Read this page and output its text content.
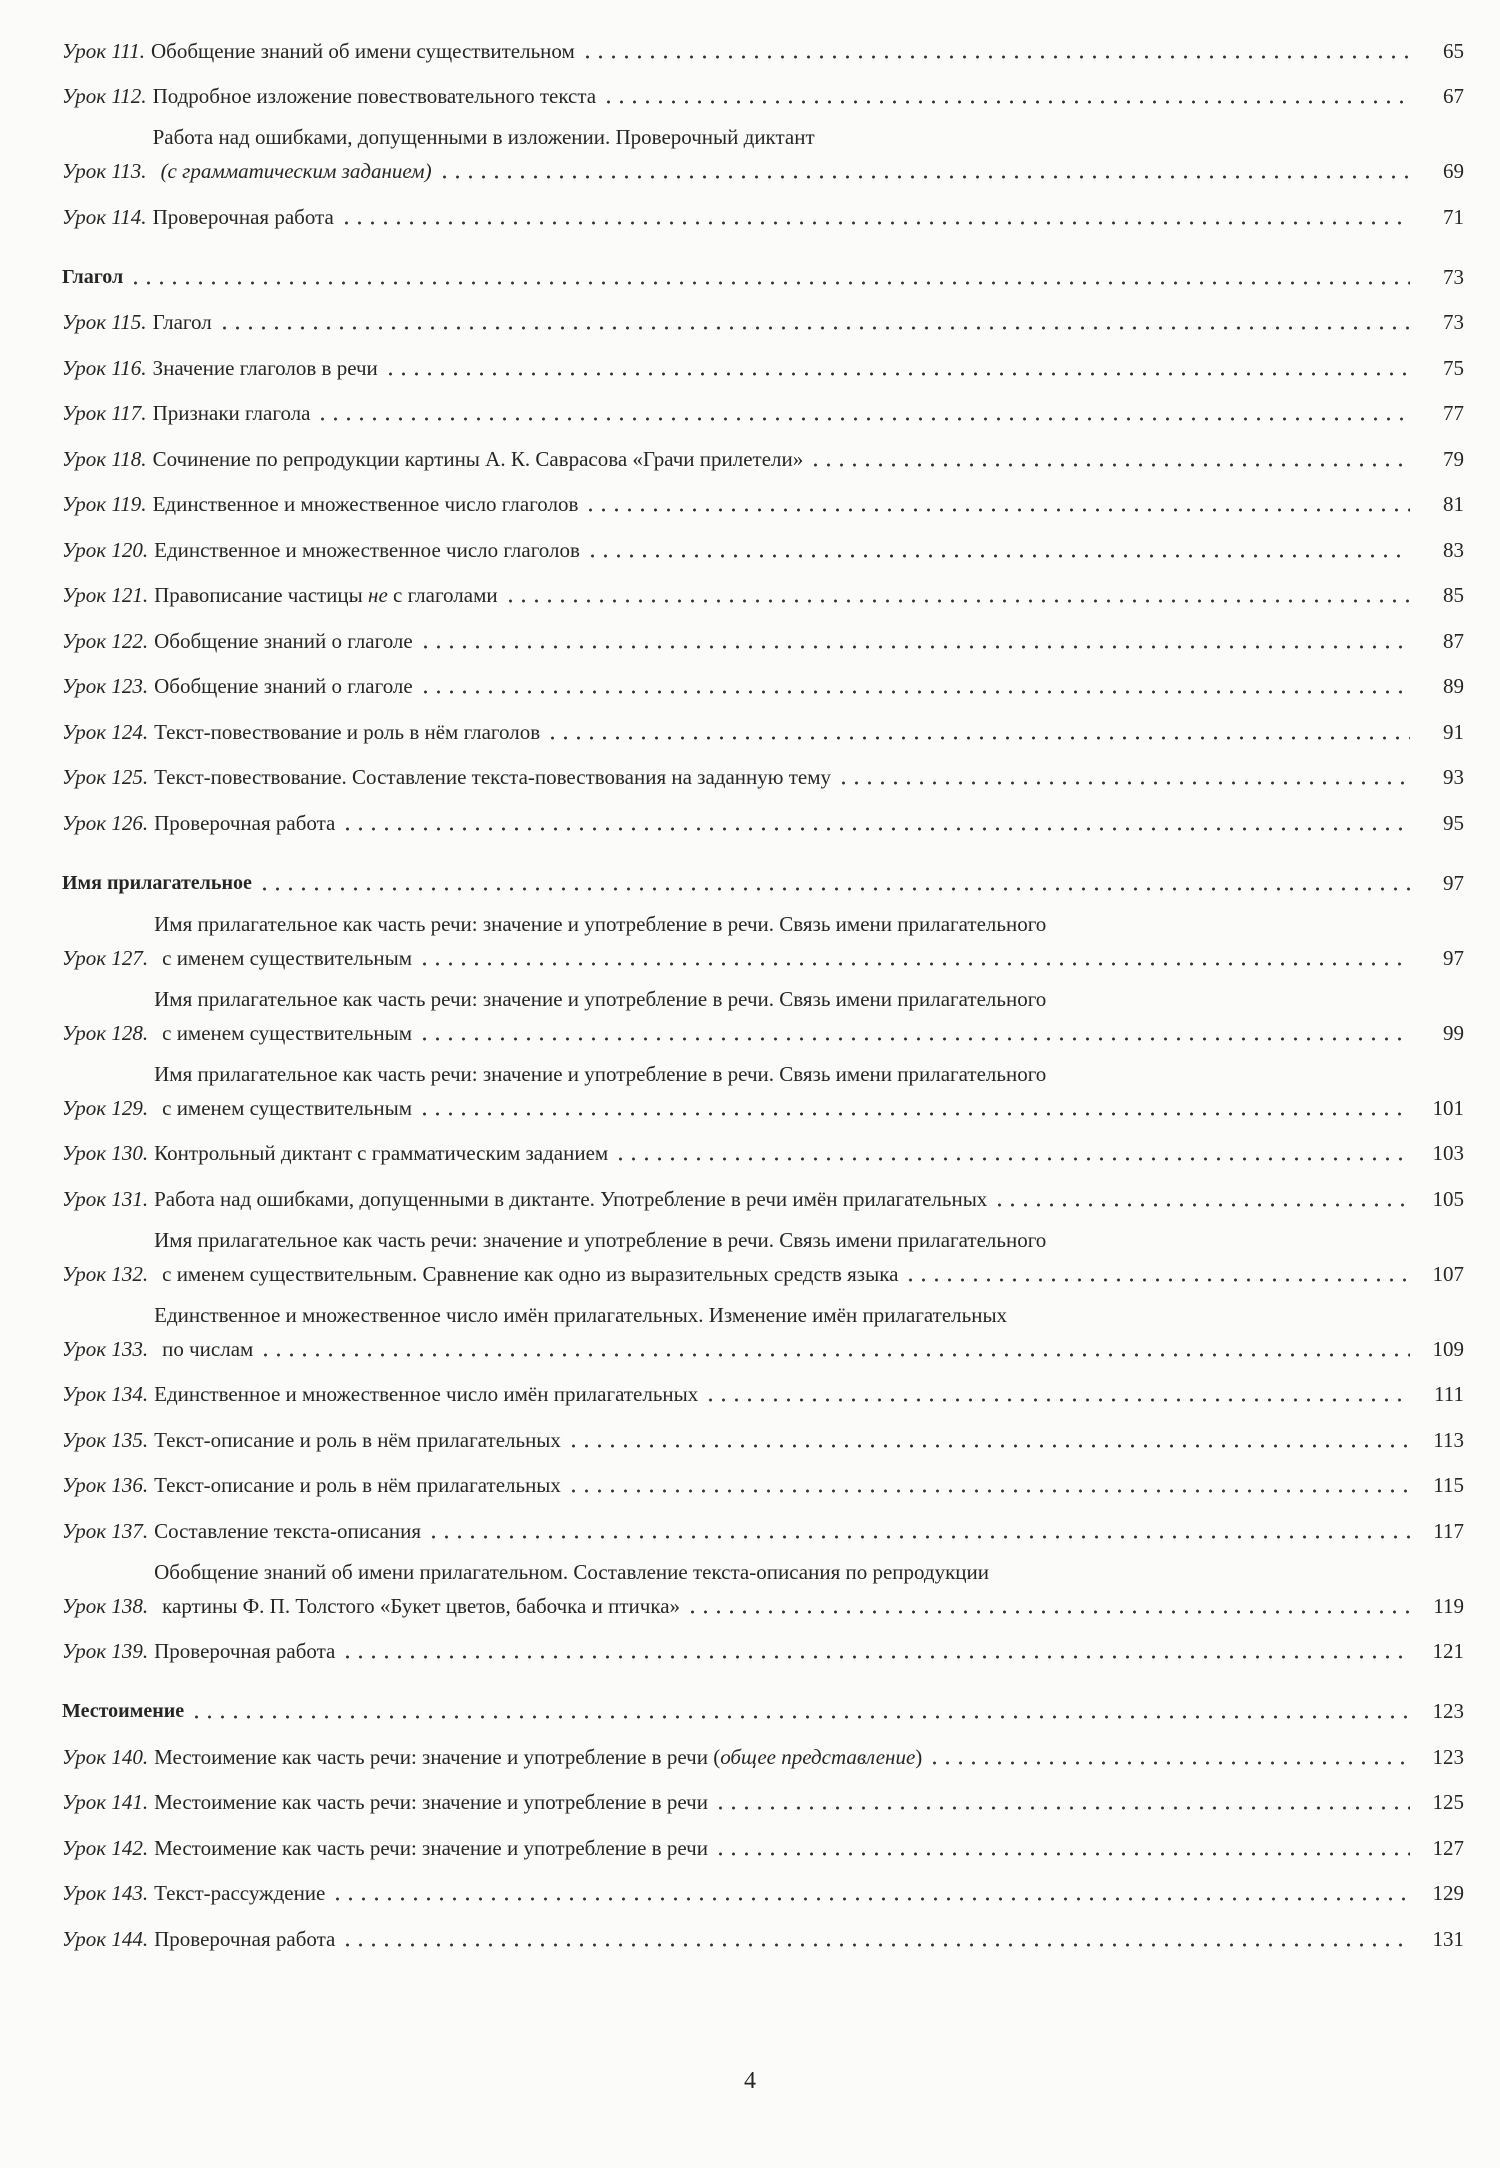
Урок 111. Обобщение знаний об имени существительном	65
Урок 112. Подробное изложение повествовательного текста	67
Урок 113.
Работа над ошибками, допущенными в изложении. Проверочный диктант
(с грамматическим заданием)	69
Урок 114. Проверочная работа	71
Глагол	73
Урок 115. Глагол	73
Урок 116. Значение глаголов в речи	75
Урок 117. Признаки глагола	77
Урок 118. Сочинение по репродукции картины А. К. Саврасова «Грачи прилетели»	79
Урок 119. Единственное и множественное число глаголов	81
Урок 120. Единственное и множественное число глаголов	83
Урок 121. Правописание частицы не с глаголами	85
Урок 122. Обобщение знаний о глаголе	87
Урок 123. Обобщение знаний о глаголе	89
Урок 124. Текст-повествование и роль в нём глаголов	91
Урок 125. Текст-повествование. Составление текста-повествования на заданную тему	93
Урок 126. Проверочная работа	95
Имя прилагательное	97
Урок 127.
Имя прилагательное как часть речи: значение и употребление в речи. Связь имени прилагательного
с именем существительным	97
Урок 128.
Имя прилагательное как часть речи: значение и употребление в речи. Связь имени прилагательного
с именем существительным	99
Урок 129.
Имя прилагательное как часть речи: значение и употребление в речи. Связь имени прилагательного
с именем существительным	101
Урок 130. Контрольный диктант с грамматическим заданием	103
Урок 131. Работа над ошибками, допущенными в диктанте. Употребление в речи имён прилагательных	105
Урок 132.
Имя прилагательное как часть речи: значение и употребление в речи. Связь имени прилагательного
с именем существительным. Сравнение как одно из выразительных средств языка	107
Урок 133.
Единственное и множественное число имён прилагательных. Изменение имён прилагательных
по числам	109
Урок 134. Единственное и множественное число имён прилагательных	111
Урок 135. Текст-описание и роль в нём прилагательных	113
Урок 136. Текст-описание и роль в нём прилагательных	115
Урок 137. Составление текста-описания	117
Урок 138.
Обобщение знаний об имени прилагательном. Составление текста-описания по репродукции
картины Ф. П. Толстого «Букет цветов, бабочка и птичка»	119
Урок 139. Проверочная работа	121
Местоимение	123
Урок 140. Местоимение как часть речи: значение и употребление в речи (общее представление)	123
Урок 141. Местоимение как часть речи: значение и употребление в речи	125
Урок 142. Местоимение как часть речи: значение и употребление в речи	127
Урок 143. Текст-рассуждение	129
Урок 144. Проверочная работа	131
4
